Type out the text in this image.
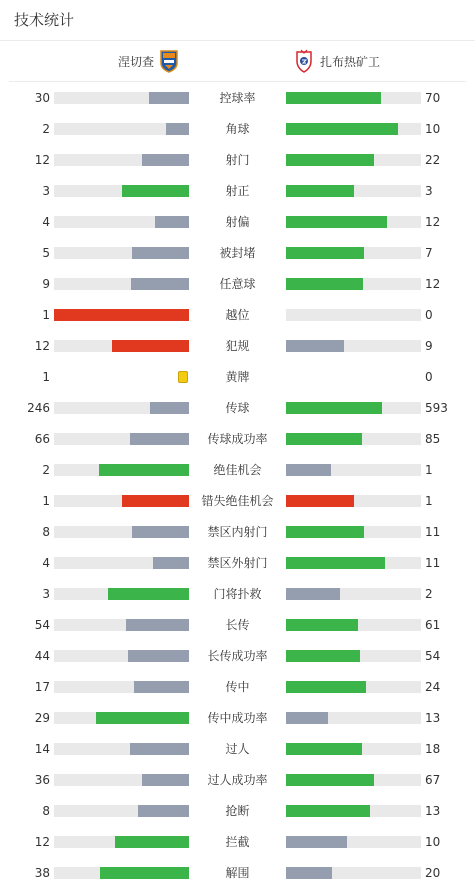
技术统计
涅切查	扎布热矿工
30	控球率	70
2	角球	10
12	射门	22
3	射正	3
4	射偏	12
5	被封堵	7
9	任意球	12
1	越位	0
12	犯规	9
1	黄牌	0
246	传球	593
66	传球成功率	85
2	绝佳机会	1
1	错失绝佳机会	1
8	禁区内射门	11
4	禁区外射门	11
3	门将扑救	2
54	长传	61
44	长传成功率	54
17	传中	24
29	传中成功率	13
14	过人	18
36	过人成功率	67
8	抢断	13
12	拦截	10
38	解围	20
